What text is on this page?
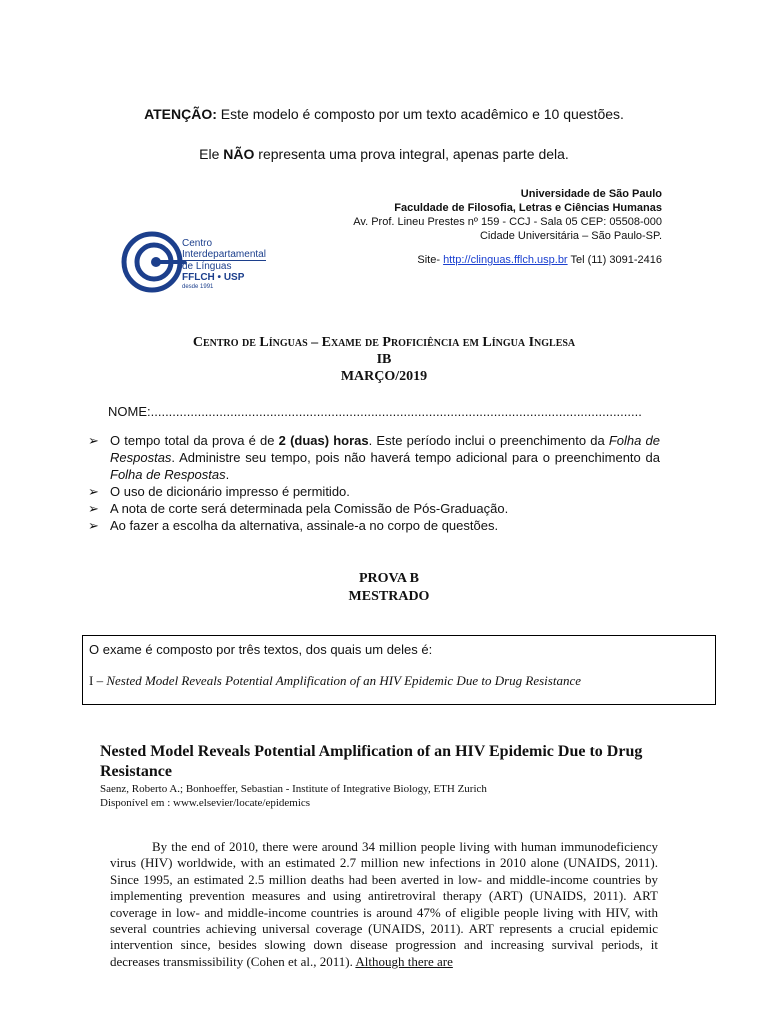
ATENÇÃO: Este modelo é composto por um texto acadêmico e 10 questões.
Ele NÃO representa uma prova integral, apenas parte dela.
Universidade de São Paulo
Faculdade de Filosofia, Letras e Ciências Humanas
Av. Prof. Lineu Prestes nº 159 - CCJ - Sala 05 CEP: 05508-000
Cidade Universitária – São Paulo-SP.
Site- http://clinguas.fflch.usp.br Tel (11) 3091-2416
Centro
Interdepartamental
de Línguas
FFLCH • USP
desde 1991
Centro de Línguas – Exame de Proficiência em Língua Inglesa
IB
MARÇO/2019
NOME:........................................................................................................................................
➢ O tempo total da prova é de 2 (duas) horas. Este período inclui o preenchimento da Folha de Respostas. Administre seu tempo, pois não haverá tempo adicional para o preenchimento da Folha de Respostas.
➢ O uso de dicionário impresso é permitido.
➢ A nota de corte será determinada pela Comissão de Pós-Graduação.
➢ Ao fazer a escolha da alternativa, assinale-a no corpo de questões.
PROVA B
MESTRADO

O exame é composto por três textos, dos quais um deles é:

I – Nested Model Reveals Potential Amplification of an HIV Epidemic Due to Drug Resistance

Nested Model Reveals Potential Amplification of an HIV Epidemic Due to Drug Resistance
Saenz, Roberto A.; Bonhoeffer, Sebastian - Institute of Integrative Biology, ETH Zurich
Disponível em : www.elsevier/locate/epidemics
By the end of 2010, there were around 34 million people living with human immunodeficiency virus (HIV) worldwide, with an estimated 2.7 million new infections in 2010 alone (UNAIDS, 2011). Since 1995, an estimated 2.5 million deaths had been averted in low- and middle-income countries by implementing prevention measures and using antiretroviral therapy (ART) (UNAIDS, 2011). ART coverage in low- and middle-income countries is around 47% of eligible people living with HIV, with several countries achieving universal coverage (UNAIDS, 2011). ART represents a crucial epidemic intervention since, besides slowing down disease progression and increasing survival periods, it decreases transmissibility (Cohen et al., 2011). Although there are
